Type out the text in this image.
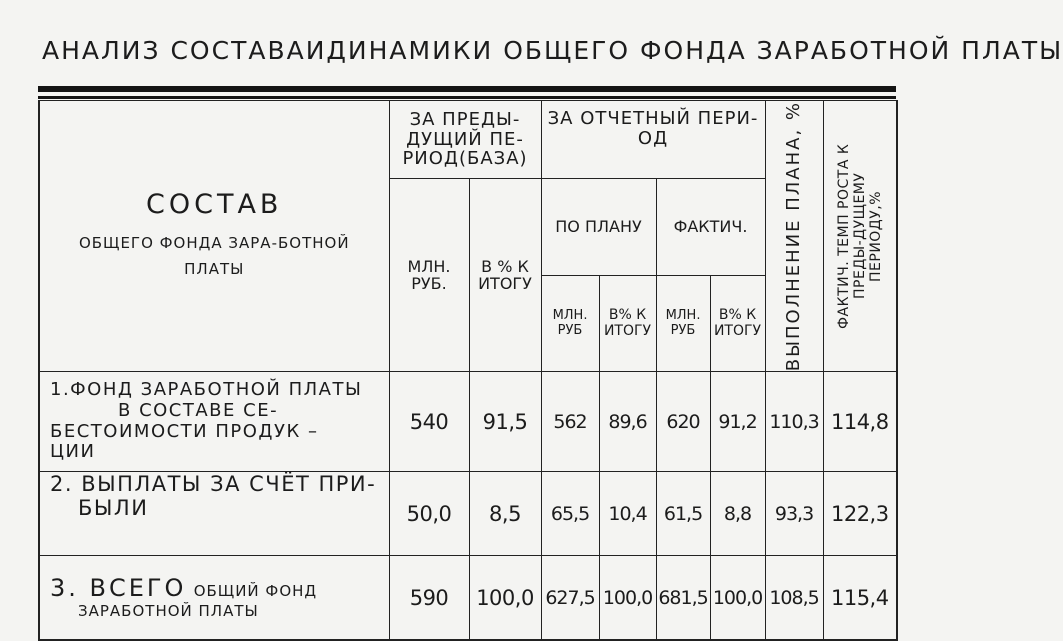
АНАЛИЗ СОСТАВАИДИНАМИКИ ОБЩЕГО ФОНДА ЗАРАБОТНОЙ ПЛАТЫ
СОСТАВ
ОБЩЕГО ФОНДА ЗАРА-БОТНОЙ ПЛАТЫ	ЗА ПРЕДЫ-ДУЩИЙ ПЕ-РИОД(БАЗА)		ЗА ОТЧЕТНЫЙ ПЕРИ-ОД				ВЫПОЛНЕНИЕ ПЛАНА, %	ФАКТИЧ. ТЕМП РОСТА К ПРЕДЫ-ДУЩЕМУ ПЕРИОДУ,%

	МЛН. РУБ.	В % К ИТОГУ	ПО ПЛАНУ		ФАКТИЧ.			
			МЛН. РУБ	В% К ИТОГУ	МЛН. РУБ	В% К ИТОГУ		
1.ФОНД ЗАРАБОТНОЙ ПЛАТЫ
В СОСТАВЕ СЕ-
БЕСТОИМОСТИ ПРОДУК –
ЦИИ	540	91,5	562	89,6	620	91,2	110,3	114,8

2. ВЫПЛАТЫ ЗА СЧЁТ ПРИ-
БЫЛИ	50,0	8,5	65,5	10,4	61,5	8,8	93,3	122,3
3. ВСЕГО ОБЩИЙ ФОНД
ЗАРАБОТНОЙ ПЛАТЫ	590	100,0	627,5	100,0	681,5	100,0	108,5	115,4
